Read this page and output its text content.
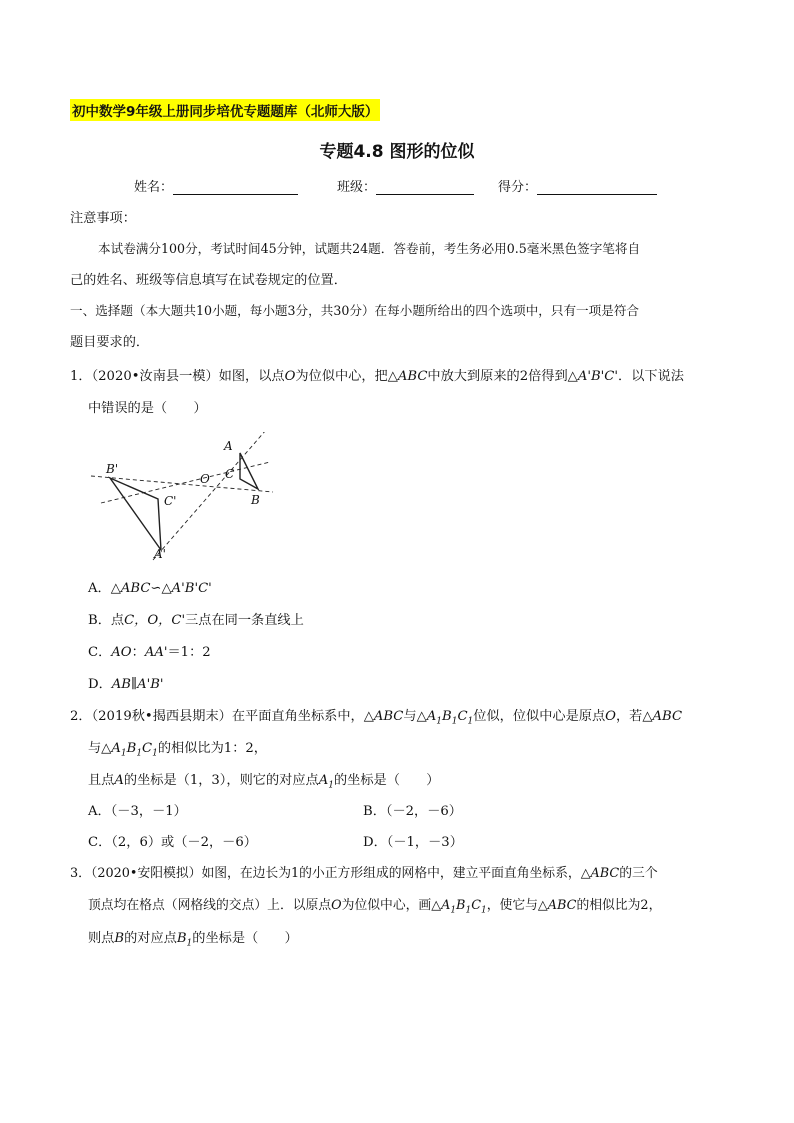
初中数学9年级上册同步培优专题题库（北师大版）
专题4.8 图形的位似
姓名：	班级：	得分：
注意事项：
本试卷满分100分，考试时间45分钟，试题共24题．答卷前，考生务必用0.5毫米黑色签字笔将自
己的姓名、班级等信息填写在试卷规定的位置．
一、选择题（本大题共10小题，每小题3分，共30分）在每小题所给出的四个选项中，只有一项是符合
题目要求的．
1．（2020•汝南县一模）如图，以点O为位似中心，把△ABC中放大到原来的2倍得到△A'B'C'．以下说法
中错误的是（　　）
A
B
C
O
A'
B'
C'
A．△ABC∽△A'B'C'
B．点C，O，C'三点在同一条直线上
C．AO：AA'＝1：2
D．AB∥A'B'
2．（2019秋•揭西县期末）在平面直角坐标系中，△ABC与$\triangle A_1B_1C_1$位似，位似中心是原点O，若△ABC
与$\triangle A_1B_1C_1$的相似比为1：2，
且点A的坐标是（1，3），则它的对应点$A_1$的坐标是（　　）
A．（－3，－1）	B．（－2，－6）
C．（2，6）或（－2，－6）	D．（－1，－3）
3．（2020•安阳模拟）如图，在边长为1的小正方形组成的网格中，建立平面直角坐标系，△ABC的三个
顶点均在格点（网格线的交点）上．以原点O为位似中心，画$\triangle A_1B_1C_1$，使它与△ABC的相似比为2，
则点B的对应点$B_1$的坐标是（　　）
